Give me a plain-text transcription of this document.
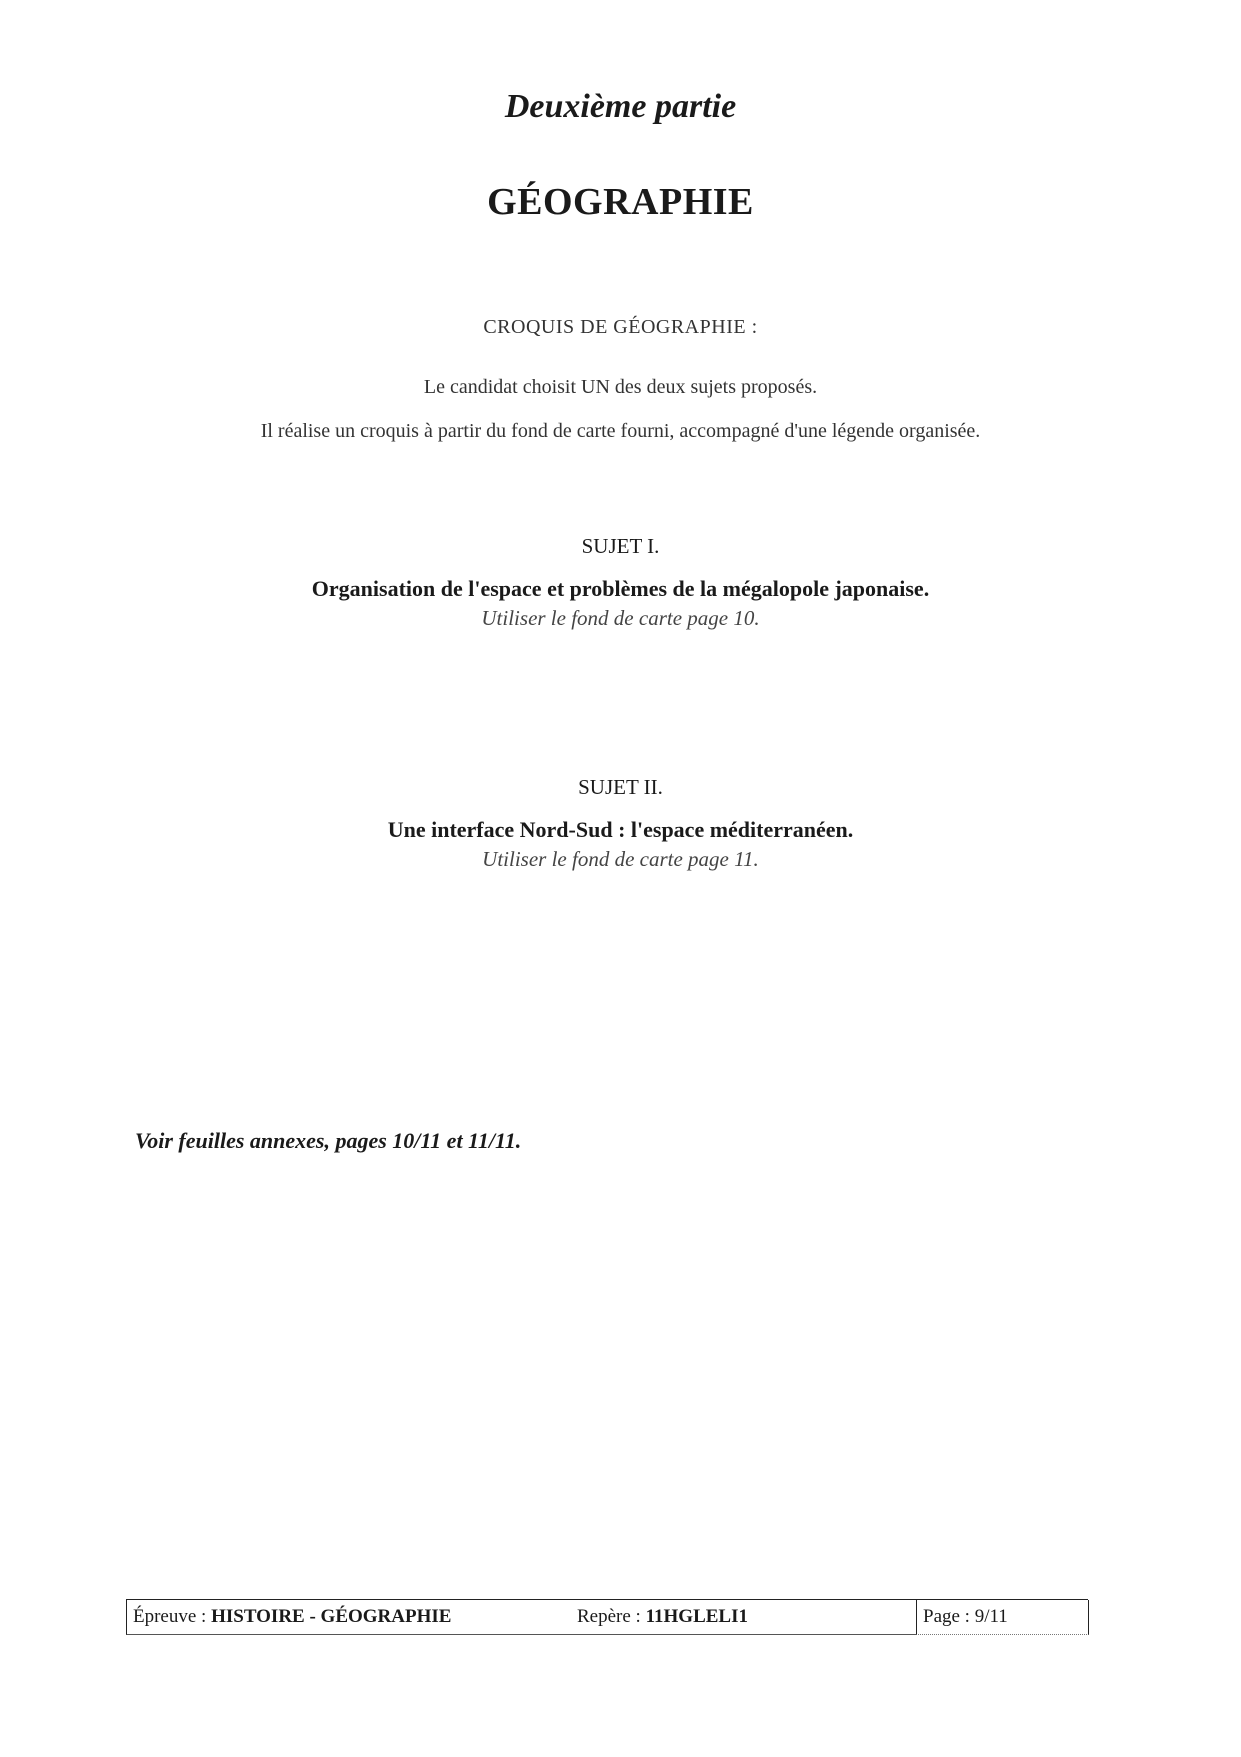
Deuxième partie
GÉOGRAPHIE
CROQUIS DE GÉOGRAPHIE :
Le candidat choisit UN des deux sujets proposés.
Il réalise un croquis à partir du fond de carte fourni, accompagné d'une légende organisée.
SUJET I.
Organisation de l'espace et problèmes de la mégalopole japonaise.
Utiliser le fond de carte page 10.
SUJET II.
Une interface Nord-Sud : l'espace méditerranéen.
Utiliser le fond de carte page 11.
Voir feuilles annexes, pages 10/11 et 11/11.
Épreuve : HISTOIRE - GÉOGRAPHIE	Repère : 11HGLELI1	Page : 9/11
